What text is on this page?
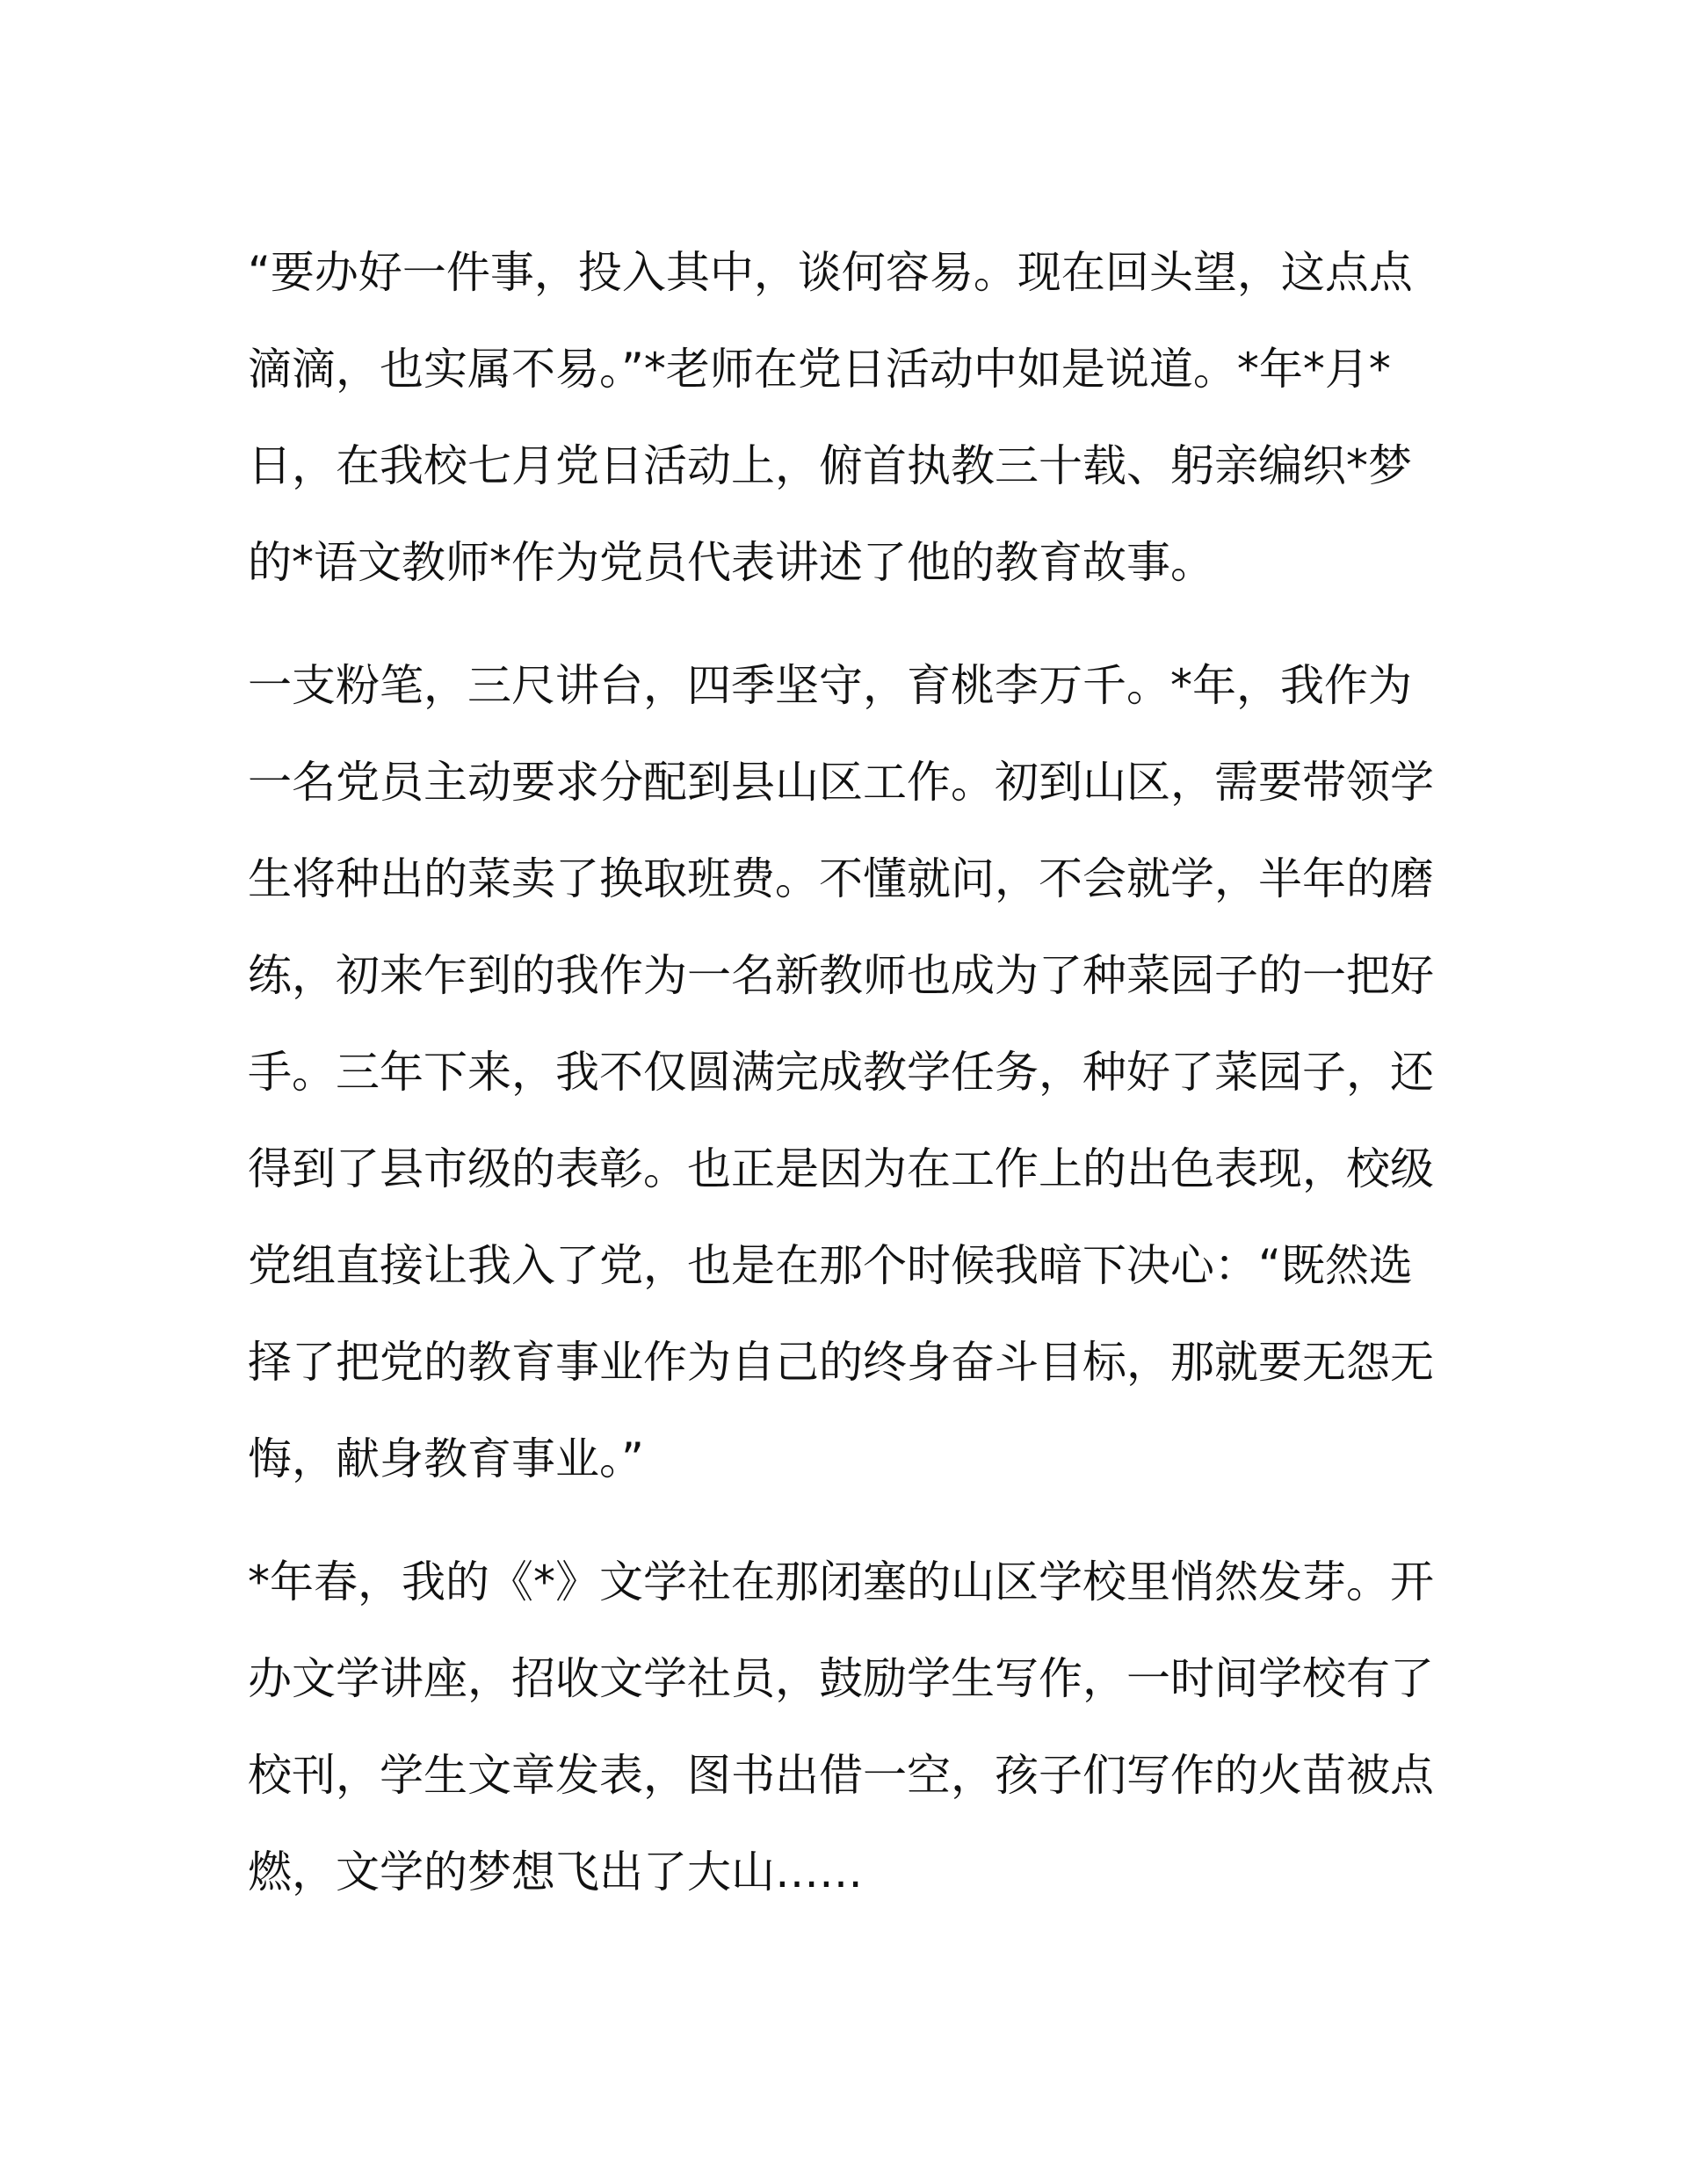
“要办好一件事，投入其中，谈何容易。现在回头望，这点点
滴滴，也实属不易。”*老师在党日活动中如是说道。*年*月*
日，在我校七月党日活动上，俯首执教三十载、躬亲编织*梦
的*语文教师*作为党员代表讲述了他的教育故事。

一支粉笔，三尺讲台，四季坚守，育桃李万千。*年，我作为
一名党员主动要求分配到县山区工作。初到山区，需要带领学
生将种出的菜卖了换取班费。不懂就问，不会就学，半年的磨
练，初来乍到的我作为一名新教师也成为了种菜园子的一把好
手。三年下来，我不仅圆满完成教学任务，种好了菜园子，还
得到了县市级的表彰。也正是因为在工作上的出色表现，校级
党组直接让我入了党，也是在那个时候我暗下决心：“既然选
择了把党的教育事业作为自己的终身奋斗目标，那就要无怨无
悔，献身教育事业。”

*年春，我的《*》文学社在那闭塞的山区学校里悄然发芽。开
办文学讲座，招收文学社员，鼓励学生写作，一时间学校有了
校刊，学生文章发表，图书出借一空，孩子们写作的火苗被点
燃，文学的梦想飞出了大山……
